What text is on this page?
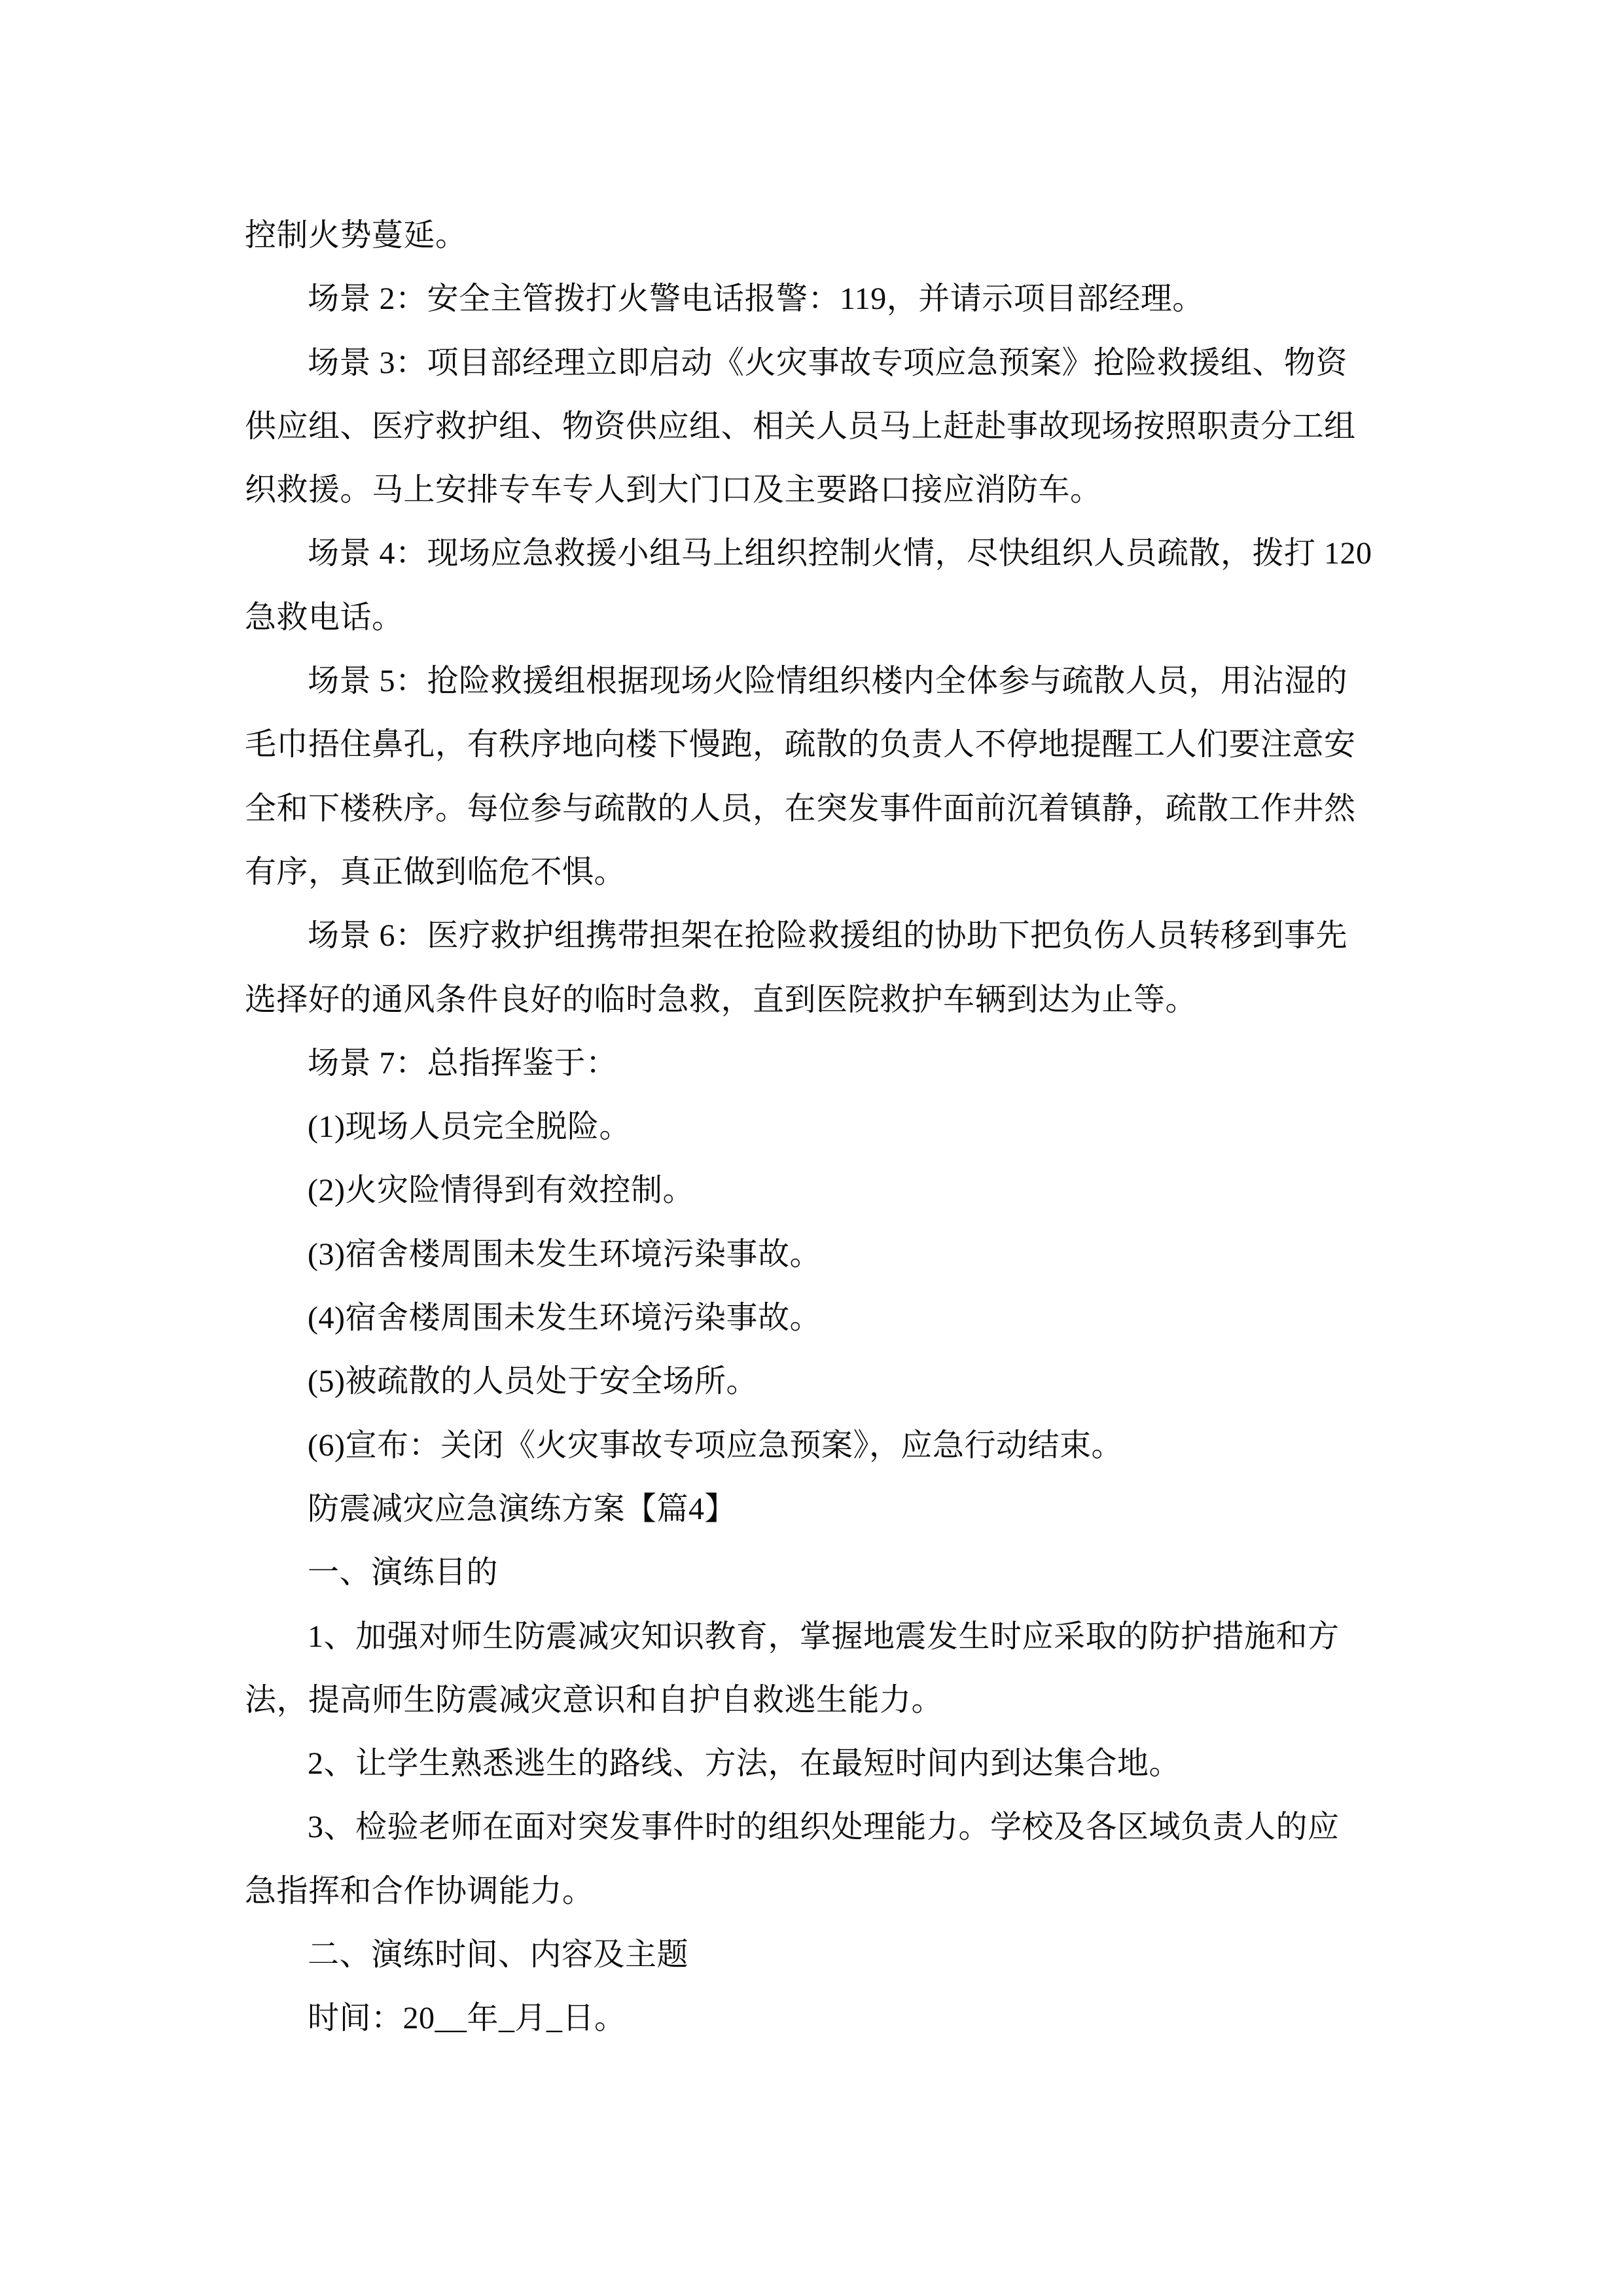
控制火势蔓延。
场景 2：安全主管拨打火警电话报警：119，并请示项目部经理。
场景 3：项目部经理立即启动《火灾事故专项应急预案》抢险救援组、物资
供应组、医疗救护组、物资供应组、相关人员马上赶赴事故现场按照职责分工组
织救援。马上安排专车专人到大门口及主要路口接应消防车。
场景 4：现场应急救援小组马上组织控制火情，尽快组织人员疏散，拨打 120
急救电话。
场景 5：抢险救援组根据现场火险情组织楼内全体参与疏散人员，用沾湿的
毛巾捂住鼻孔，有秩序地向楼下慢跑，疏散的负责人不停地提醒工人们要注意安
全和下楼秩序。每位参与疏散的人员，在突发事件面前沉着镇静，疏散工作井然
有序，真正做到临危不惧。
场景 6：医疗救护组携带担架在抢险救援组的协助下把负伤人员转移到事先
选择好的通风条件良好的临时急救，直到医院救护车辆到达为止等。
场景 7：总指挥鉴于：
(1)现场人员完全脱险。
(2)火灾险情得到有效控制。
(3)宿舍楼周围未发生环境污染事故。
(4)宿舍楼周围未发生环境污染事故。
(5)被疏散的人员处于安全场所。
(6)宣布：关闭《火灾事故专项应急预案》，应急行动结束。
防震减灾应急演练方案【篇4】
一、演练目的
1、加强对师生防震减灾知识教育，掌握地震发生时应采取的防护措施和方
法，提高师生防震减灾意识和自护自救逃生能力。
2、让学生熟悉逃生的路线、方法，在最短时间内到达集合地。
3、检验老师在面对突发事件时的组织处理能力。学校及各区域负责人的应
急指挥和合作协调能力。
二、演练时间、内容及主题
时间：20__年_月_日。
